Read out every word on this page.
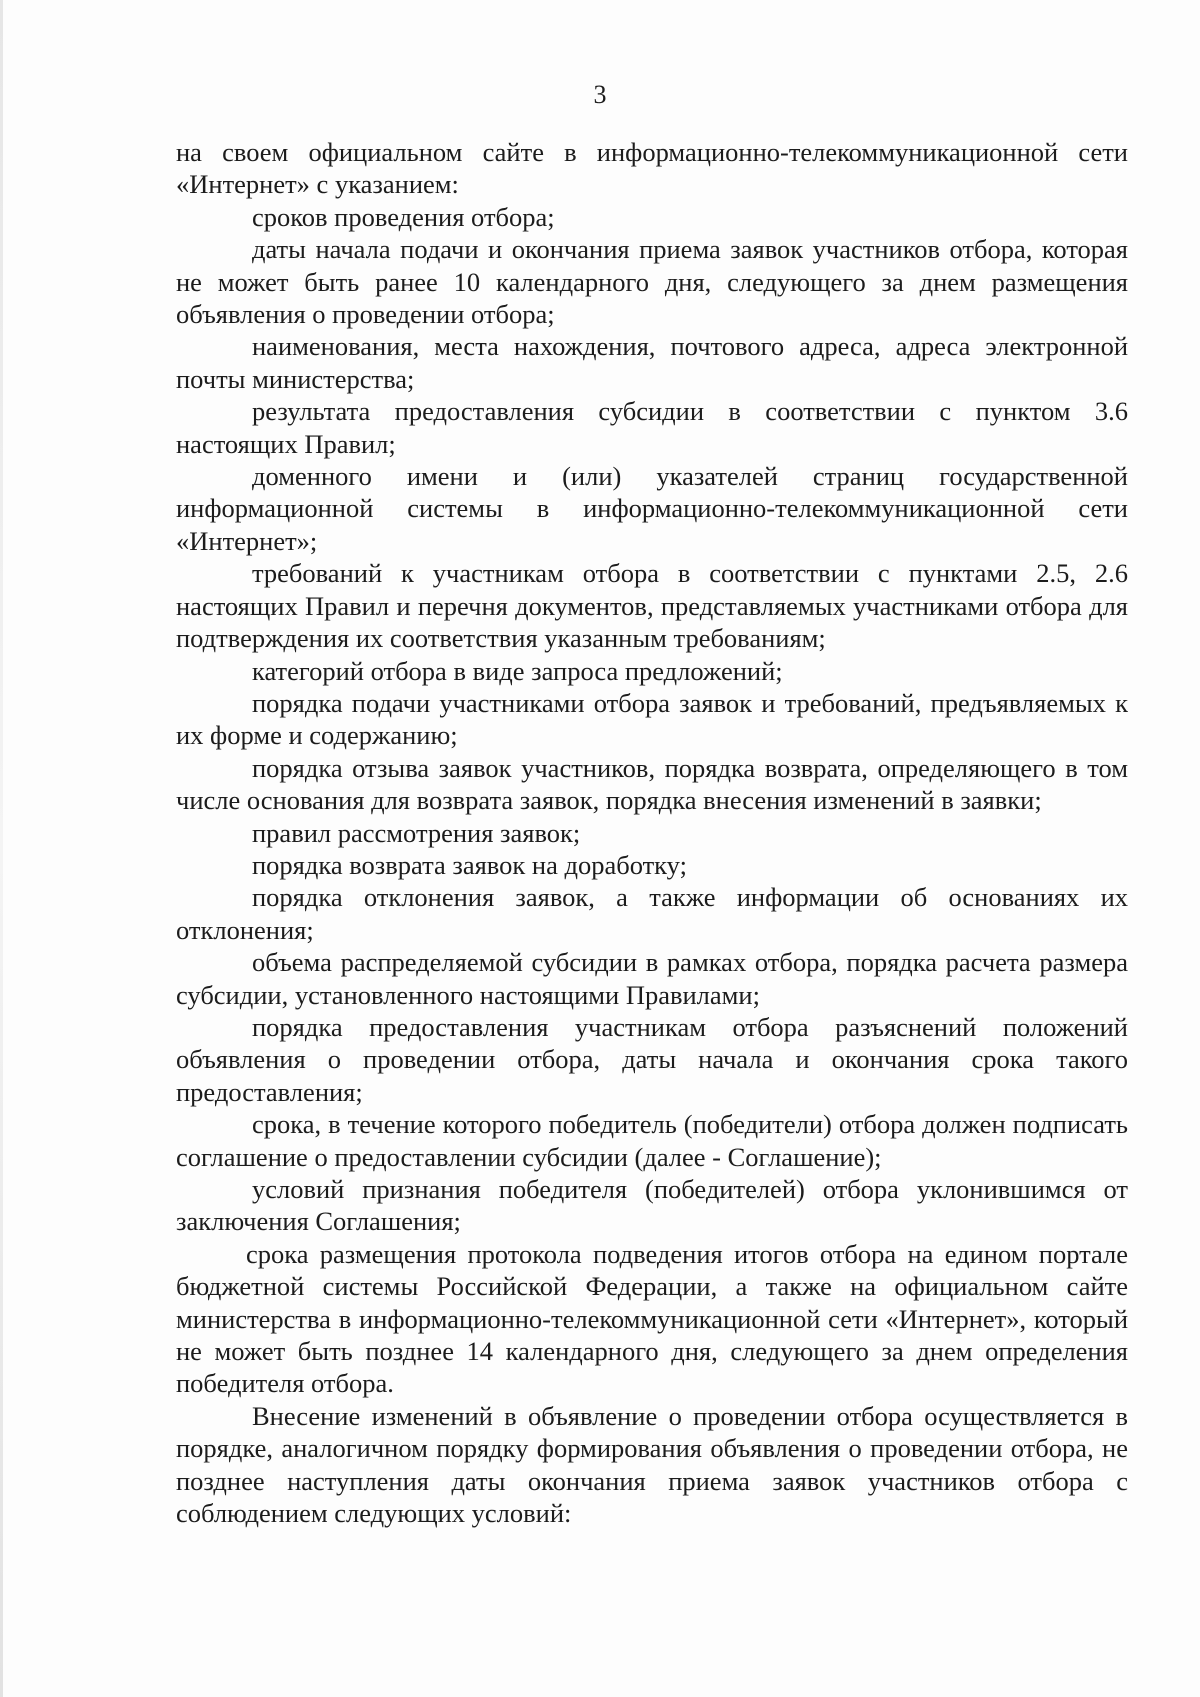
3

на своем официальном сайте в информационно-телекоммуникационной сети «Интернет» с указанием:

сроков проведения отбора;

даты начала подачи и окончания приема заявок участников отбора, которая не может быть ранее 10 календарного дня, следующего за днем размещения объявления о проведении отбора;

наименования, места нахождения, почтового адреса, адреса электронной почты министерства;

результата предоставления субсидии в соответствии с пунктом 3.6 настоящих Правил;

доменного имени и (или) указателей страниц государственной информационной системы в информационно-телекоммуникационной сети «Интернет»;

требований к участникам отбора в соответствии с пунктами 2.5, 2.6 настоящих Правил и перечня документов, представляемых участниками отбора для подтверждения их соответствия указанным требованиям;

категорий отбора в виде запроса предложений;

порядка подачи участниками отбора заявок и требований, предъявляемых к их форме и содержанию;

порядка отзыва заявок участников, порядка возврата, определяющего в том числе основания для возврата заявок, порядка внесения изменений в заявки;

правил рассмотрения заявок;

порядка возврата заявок на доработку;

порядка отклонения заявок, а также информации об основаниях их отклонения;

объема распределяемой субсидии в рамках отбора, порядка расчета размера субсидии, установленного настоящими Правилами;

порядка предоставления участникам отбора разъяснений положений объявления о проведении отбора, даты начала и окончания срока такого предоставления;

срока, в течение которого победитель (победители) отбора должен подписать соглашение о предоставлении субсидии (далее - Соглашение);

условий признания победителя (победителей) отбора уклонившимся от заключения Соглашения;

срока размещения протокола подведения итогов отбора на едином портале бюджетной системы Российской Федерации, а также на официальном сайте министерства в информационно-телекоммуникационной сети «Интернет», который не может быть позднее 14 календарного дня, следующего за днем определения победителя отбора.

Внесение изменений в объявление о проведении отбора осуществляется в порядке, аналогичном порядку формирования объявления о проведении отбора, не позднее наступления даты окончания приема заявок участников отбора с соблюдением следующих условий:
